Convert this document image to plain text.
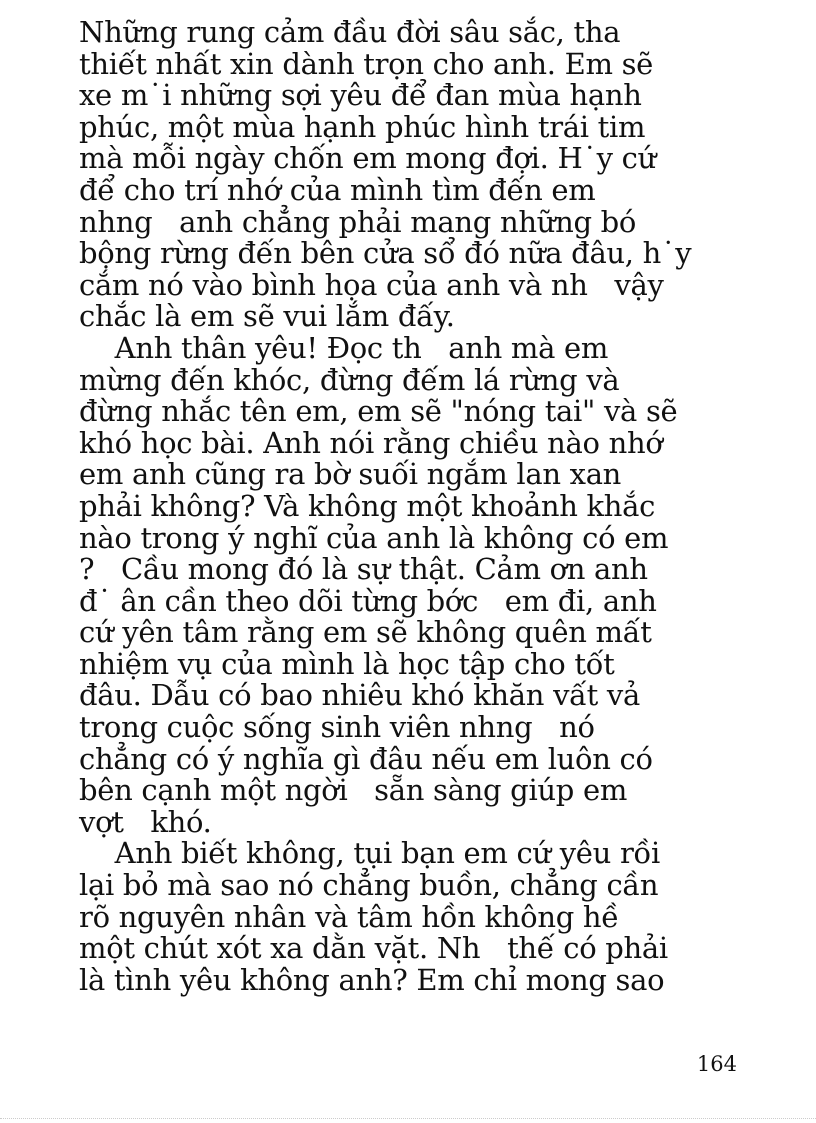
Những rung cảm đầu đời sâu sắc, tha
thiết nhất xin dành trọn cho anh. Em sẽ
xe m˙i những sợi yêu để đan mùa hạnh
phúc, một mùa hạnh phúc hình trái tim
mà mỗi ngày chốn em mong đợi. H˙y cứ
để cho trí nhớ của mình tìm đến em
nhng   anh chẳng phải mang những bó
bộng rừng đến bên cửa sổ đó nữa đâu, h˙y
cắm nó vào bình họa của anh và nh   vậy
chắc là em sẽ vui lắm đấy.
Anh thân yêu! Đọc th   anh mà em
mừng đến khóc, đừng đếm lá rừng và
đừng nhắc tên em, em sẽ "nóng tai" và sẽ
khó học bài. Anh nói rằng chiều nào nhớ
em anh cũng ra bờ suối ngắm lan xan
phải không? Và không một khoảnh khắc
nào trong ý nghĩ của anh là không có em
?   Cầu mong đó là sự thật. Cảm ơn anh
đ˙ ân cần theo dõi từng bớc   em đi, anh
cứ yên tâm rằng em sẽ không quên mất
nhiệm vụ của mình là học tập cho tốt
đâu. Dẫu có bao nhiêu khó khăn vất vả
trong cuộc sống sinh viên nhng   nó
chẳng có ý nghĩa gì đâu nếu em luôn có
bên cạnh một ngời   sẵn sàng giúp em
vợt   khó.
Anh biết không, tụi bạn em cứ yêu rồi
lại bỏ mà sao nó chẳng buồn, chẳng cần
rõ nguyên nhân và tâm hồn không hề
một chút xót xa dằn vặt. Nh   thế có phải
là tình yêu không anh? Em chỉ mong sao
164
